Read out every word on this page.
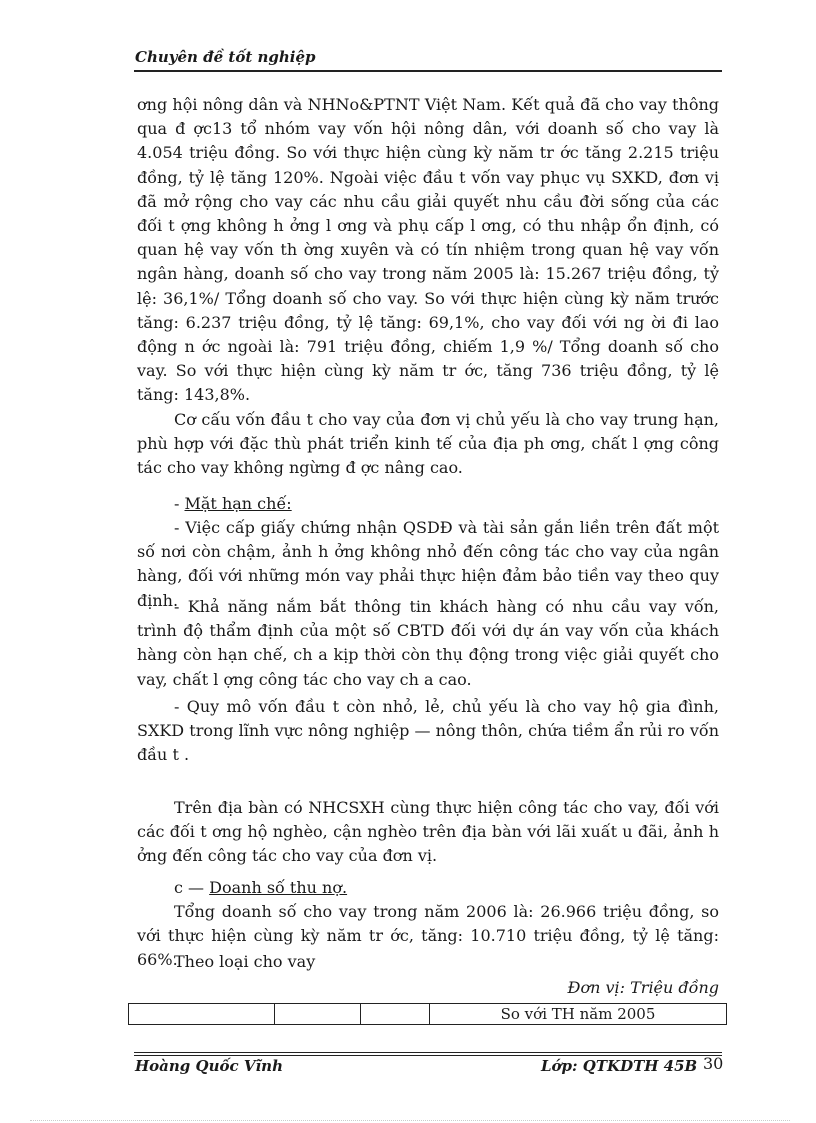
Chuyên đề tốt nghiệp

ơng hội nông dân và NHNo&PTNT Việt Nam. Kết quả đã cho vay thông qua đ ợc13 tổ nhóm vay vốn hội nông dân, với doanh số cho vay là 4.054 triệu đồng. So với thực hiện cùng kỳ năm tr ớc tăng 2.215 triệu đồng, tỷ lệ tăng 120%. Ngoài việc đầu t vốn vay phục vụ SXKD, đơn vị đã mở rộng cho vay các nhu cầu giải quyết nhu cầu đời sống của các đối t ợng không h ởng l ơng và phụ cấp l ơng, có thu nhập ổn định, có quan hệ vay vốn th ờng xuyên và có tín nhiệm trong quan hệ vay vốn ngân hàng, doanh số cho vay trong năm 2005 là: 15.267 triệu đồng, tỷ lệ: 36,1%/ Tổng doanh số cho vay. So với thực hiện cùng kỳ năm trước tăng: 6.237 triệu đồng, tỷ lệ tăng: 69,1%, cho vay đối với ng ời đi lao động n ớc ngoài là: 791 triệu đồng, chiếm 1,9 %/ Tổng doanh số cho vay. So với thực hiện cùng kỳ năm tr ớc, tăng 736 triệu đồng, tỷ lệ tăng: 143,8%.

Cơ cấu vốn đầu t cho vay của đơn vị chủ yếu là cho vay trung hạn, phù hợp với đặc thù phát triển kinh tế của địa ph ơng, chất l ợng công tác cho vay không ngừng đ ợc nâng cao.

- Mặt hạn chế:

- Việc cấp giấy chứng nhận QSDĐ và tài sản gắn liền trên đất một số nơi còn chậm, ảnh h ởng không nhỏ đến công tác cho vay của ngân hàng, đối với những món vay phải thực hiện đảm bảo tiền vay theo quy định.

- Khả năng nắm bắt thông tin khách hàng có nhu cầu vay vốn, trình độ thẩm định của một số CBTD đối với dự án vay vốn của khách hàng còn hạn chế, ch a kịp thời còn thụ động trong việc giải quyết cho vay, chất l ợng công tác cho vay ch a cao.

- Quy mô vốn đầu t còn nhỏ, lẻ, chủ yếu là cho vay hộ gia đình, SXKD trong lĩnh vực nông nghiệp — nông thôn, chứa tiềm ẩn rủi ro vốn đầu t .

Trên địa bàn có NHCSXH cùng thực hiện công tác cho vay, đối với các đối t ơng hộ nghèo, cận nghèo trên địa bàn với lãi xuất u đãi, ảnh h ởng đến công tác cho vay của đơn vị.

c — Doanh số thu nợ.

Tổng doanh số cho vay trong năm 2006 là: 26.966 triệu đồng, so với thực hiện cùng kỳ năm tr ớc, tăng: 10.710 triệu đồng, tỷ lệ tăng: 66%.

Theo loại cho vay

Đơn vị: Triệu đồng
			So với TH năm 2005
Hoàng Quốc Vĩnh	Lớp: QTKDTH 45B 30
